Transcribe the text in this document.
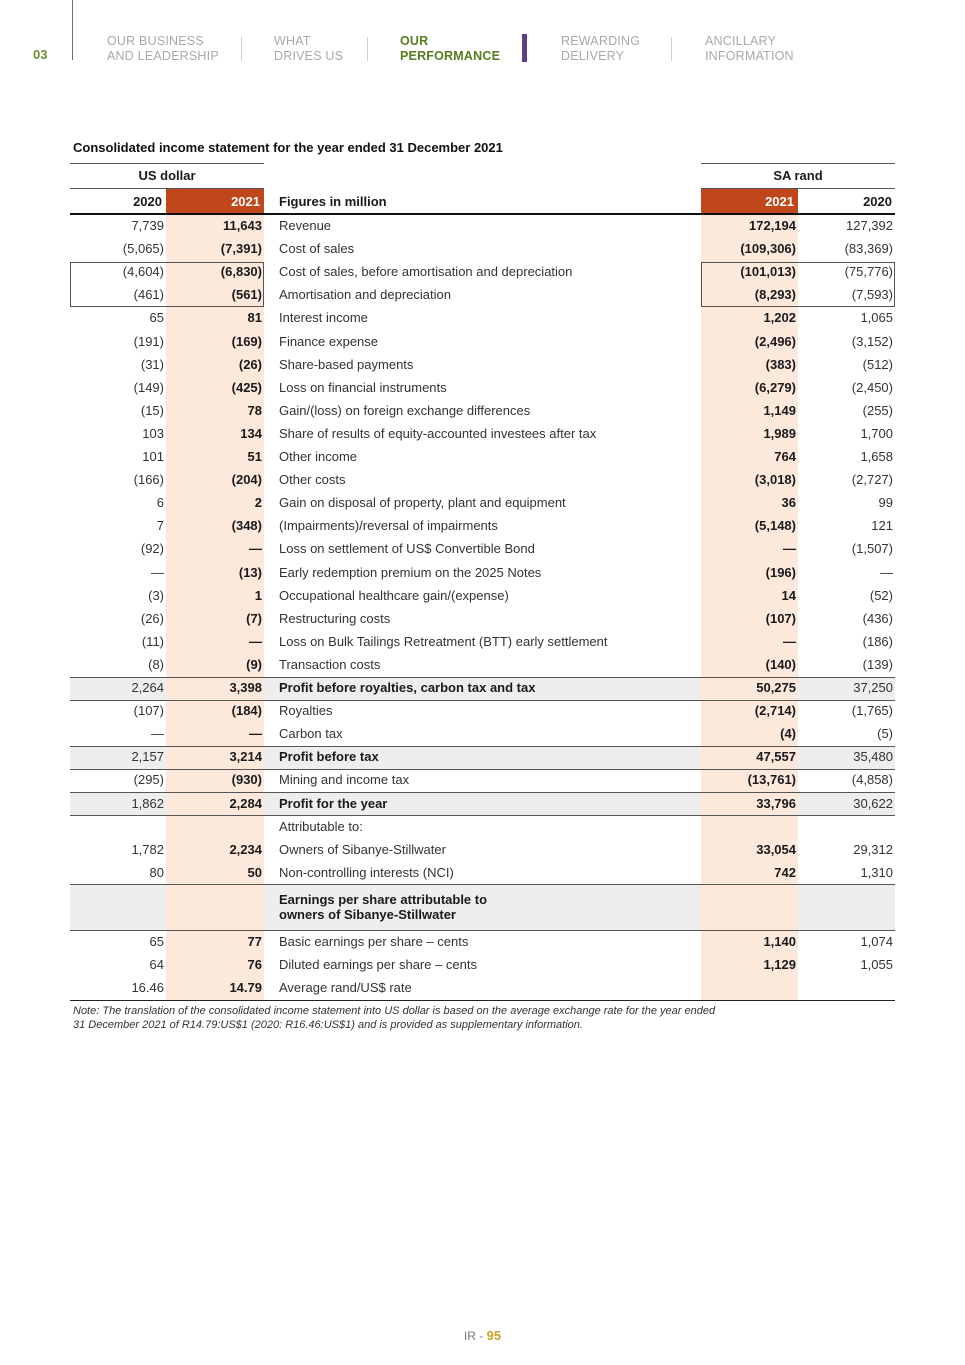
03
OUR BUSINESS
AND LEADERSHIP
WHAT
DRIVES US
OUR
PERFORMANCE
REWARDING
DELIVERY
ANCILLARY
INFORMATION
Consolidated income statement for the year ended 31 December 2021
US dollar	SA rand
2020	2021 Figures in million	2021	2020
7,739	11,643 Revenue	172,194	127,392
(5,065)	(7,391) Cost of sales	(109,306)	(83,369)
(4,604)	(6,830) Cost of sales, before amortisation and depreciation	(101,013)	(75,776)
(461)	(561) Amortisation and depreciation	(8,293)	(7,593)
65	81 Interest income	1,202	1,065
(191)	(169) Finance expense	(2,496)	(3,152)
(31)	(26) Share-based payments	(383)	(512)
(149)	(425) Loss on financial instruments	(6,279)	(2,450)
(15)	78 Gain/(loss) on foreign exchange differences	1,149	(255)
103	134 Share of results of equity-accounted investees after tax	1,989	1,700
101	51 Other income	764	1,658
(166)	(204) Other costs	(3,018)	(2,727)
6	2 Gain on disposal of property, plant and equipment	36	99
7	(348) (Impairments)/reversal of impairments	(5,148)	121
(92)	— Loss on settlement of US$ Convertible Bond	—	(1,507)
—	(13) Early redemption premium on the 2025 Notes	(196)	—
(3)	1 Occupational healthcare gain/(expense)	14	(52)
(26)	(7) Restructuring costs	(107)	(436)
(11)	— Loss on Bulk Tailings Retreatment (BTT) early settlement	—	(186)
(8)	(9) Transaction costs	(140)	(139)
2,264	3,398 Profit before royalties, carbon tax and tax	50,275	37,250
(107)	(184) Royalties	(2,714)	(1,765)
—	— Carbon tax	(4)	(5)
2,157	3,214 Profit before tax	47,557	35,480
(295)	(930) Mining and income tax	(13,761)	(4,858)
1,862	2,284 Profit for the year	33,796	30,622
Attributable to:
1,782	2,234 Owners of Sibanye-Stillwater	33,054	29,312
80	50 Non-controlling interests (NCI)	742	1,310
Earnings per share attributable to
owners of Sibanye-Stillwater
65	77 Basic earnings per share – cents	1,140	1,074
64	76 Diluted earnings per share – cents	1,129	1,055
16.46	14.79 Average rand/US$ rate
Note: The translation of the consolidated income statement into US dollar is based on the average exchange rate for the year ended
31 December 2021 of R14.79:US$1 (2020: R16.46:US$1) and is provided as supplementary information.
IR - 95
